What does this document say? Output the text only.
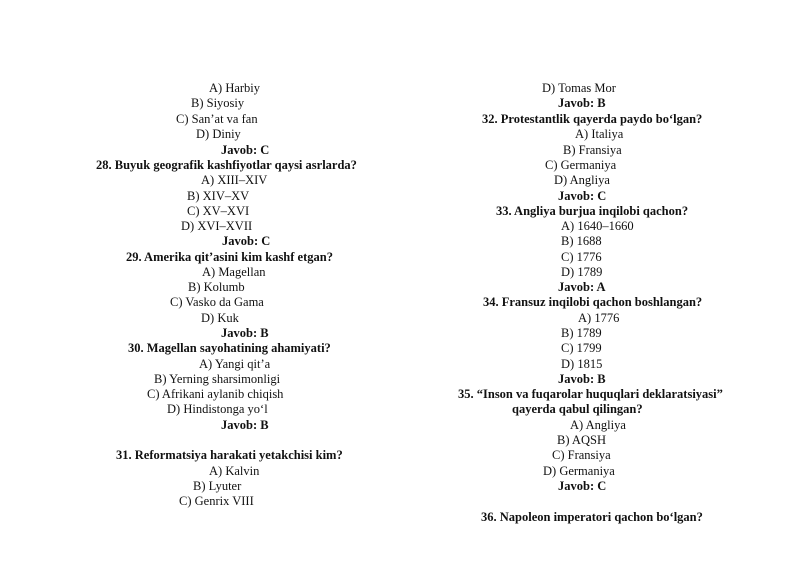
A) Harbiy
B) Siyosiy
C) San’at va fan
D) Diniy
Javob: C
28. Buyuk geografik kashfiyotlar qaysi asrlarda?
A) XIII–XIV
B) XIV–XV
C) XV–XVI
D) XVI–XVII
Javob: C
29. Amerika qit’asini kim kashf etgan?
A) Magellan
B) Kolumb
C) Vasko da Gama
D) Kuk
Javob: B
30. Magellan sayohatining ahamiyati?
A) Yangi qit’a
B) Yerning sharsimonligi
C) Afrikani aylanib chiqish
D) Hindistonga yo‘l
Javob: B
31. Reformatsiya harakati yetakchisi kim?
A) Kalvin
B) Lyuter
C) Genrix VIII
D) Tomas Mor
Javob: B
32. Protestantlik qayerda paydo bo‘lgan?
A) Italiya
B) Fransiya
C) Germaniya
D) Angliya
Javob: C
33. Angliya burjua inqilobi qachon?
A) 1640–1660
B) 1688
C) 1776
D) 1789
Javob: A
34. Fransuz inqilobi qachon boshlangan?
A) 1776
B) 1789
C) 1799
D) 1815
Javob: B
35. “Inson va fuqarolar huquqlari deklaratsiyasi”
qayerda qabul qilingan?
A) Angliya
B) AQSH
C) Fransiya
D) Germaniya
Javob: C
36. Napoleon imperatori qachon bo‘lgan?
